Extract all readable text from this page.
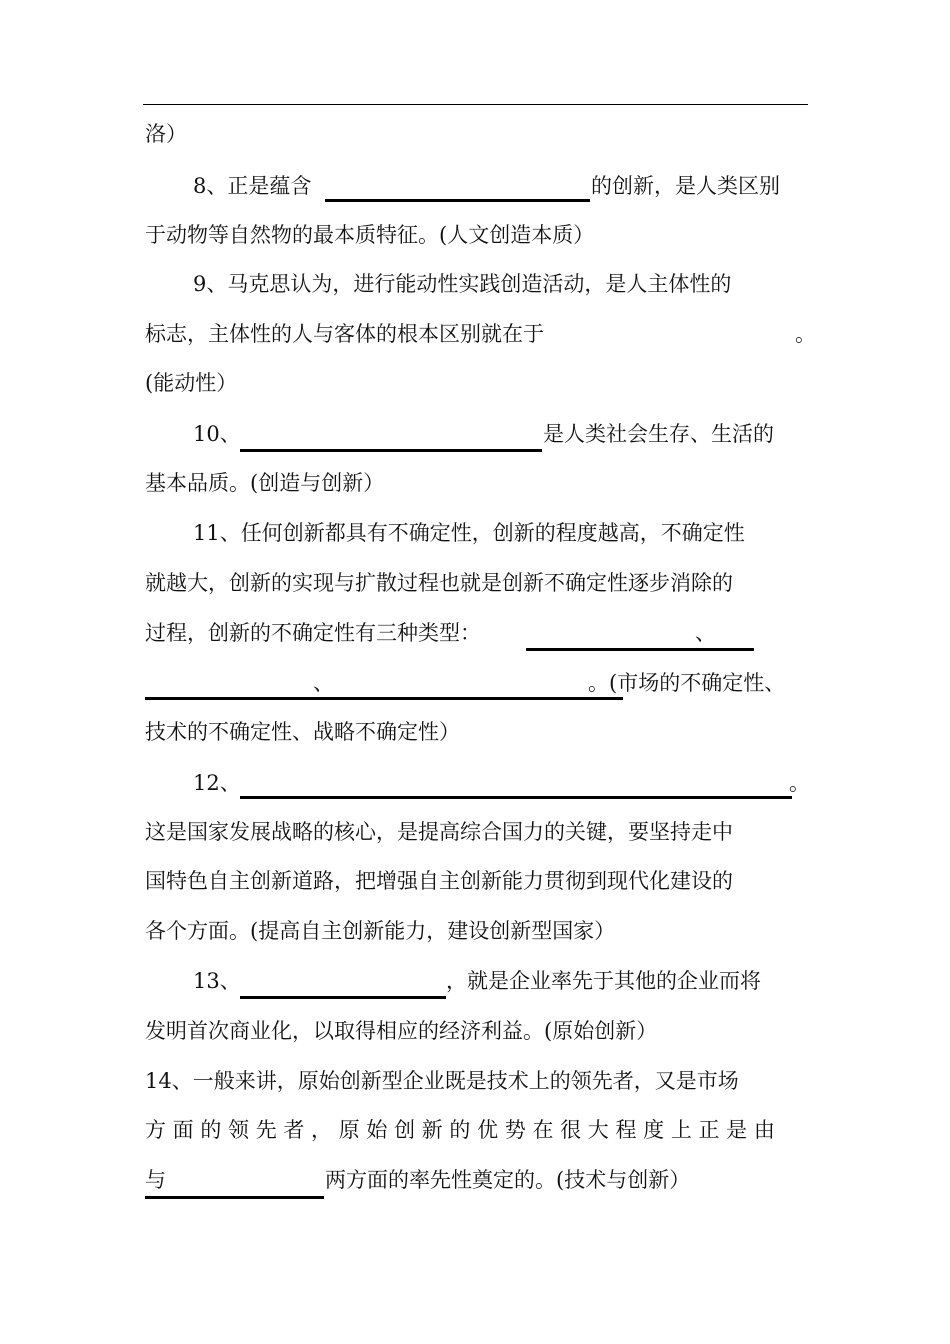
洛）
8、正是蕴含	的创新，是人类区别
于动物等自然物的最本质特征。(人文创造本质）
9、马克思认为，进行能动性实践创造活动，是人主体性的
标志，主体性的人与客体的根本区别就在于	。
(能动性）
10、	是人类社会生存、生活的
基本品质。(创造与创新）
11、任何创新都具有不确定性，创新的程度越高，不确定性
就越大，创新的实现与扩散过程也就是创新不确定性逐步消除的
过程，创新的不确定性有三种类型：	、
、	。(市场的不确定性、
技术的不确定性、战略不确定性）
12、	。
这是国家发展战略的核心，是提高综合国力的关键，要坚持走中
国特色自主创新道路，把增强自主创新能力贯彻到现代化建设的
各个方面。(提高自主创新能力，建设创新型国家）
13、	，就是企业率先于其他的企业而将
发明首次商业化，以取得相应的经济利益。(原始创新）
14、一般来讲，原始创新型企业既是技术上的领先者，又是市场
方 面 的 领 先 者 ， 原 始 创 新 的 优 势 在 很 大 程 度 上 正 是 由
与	两方面的率先性奠定的。(技术与创新）
